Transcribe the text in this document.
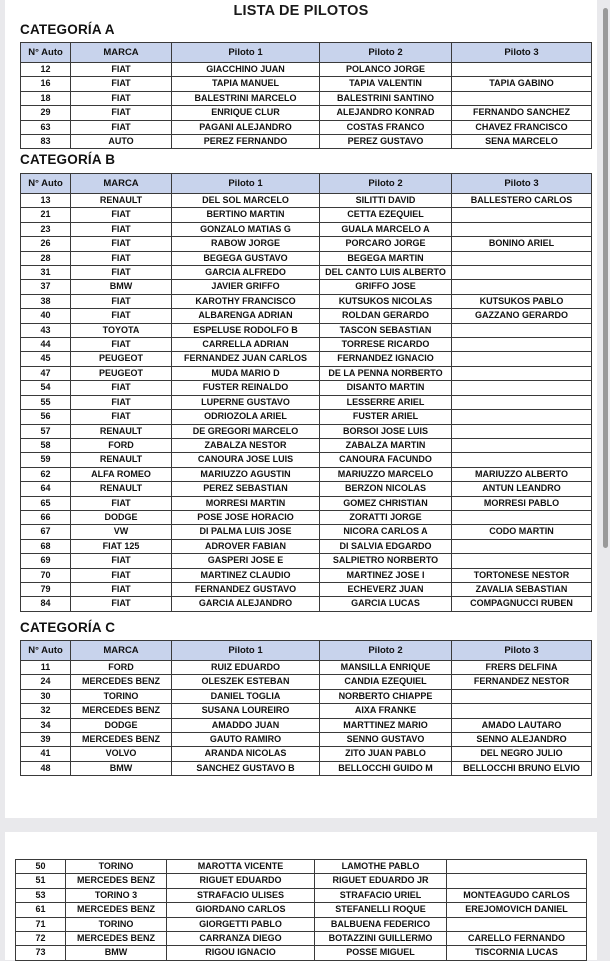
LISTA DE PILOTOS
CATEGORÍA A
N° Auto	MARCA	Piloto 1	Piloto 2	Piloto 3
12	FIAT	GIACCHINO JUAN	POLANCO JORGE	
16	FIAT	TAPIA MANUEL	TAPIA VALENTIN	TAPIA GABINO
18	FIAT	BALESTRINI MARCELO	BALESTRINI SANTINO	
29	FIAT	ENRIQUE CLUR	ALEJANDRO KONRAD	FERNANDO SANCHEZ
63	FIAT	PAGANI ALEJANDRO	COSTAS FRANCO	CHAVEZ FRANCISCO
83	AUTO	PEREZ FERNANDO	PEREZ GUSTAVO	SENA MARCELO
CATEGORÍA B
N° Auto	MARCA	Piloto 1	Piloto 2	Piloto 3
13	RENAULT	DEL SOL MARCELO	SILITTI DAVID	BALLESTERO CARLOS
21	FIAT	BERTINO MARTIN	CETTA EZEQUIEL	
23	FIAT	GONZALO MATIAS G	GUALA MARCELO A	
26	FIAT	RABOW JORGE	PORCARO JORGE	BONINO ARIEL
28	FIAT	BEGEGA GUSTAVO	BEGEGA MARTIN	
31	FIAT	GARCIA ALFREDO	DEL CANTO LUIS ALBERTO	
37	BMW	JAVIER GRIFFO	GRIFFO JOSE	
38	FIAT	KAROTHY FRANCISCO	KUTSUKOS NICOLAS	KUTSUKOS PABLO
40	FIAT	ALBARENGA ADRIAN	ROLDAN GERARDO	GAZZANO GERARDO
43	TOYOTA	ESPELUSE RODOLFO B	TASCON SEBASTIAN	
44	FIAT	CARRELLA ADRIAN	TORRESE RICARDO	
45	PEUGEOT	FERNANDEZ JUAN CARLOS	FERNANDEZ IGNACIO	
47	PEUGEOT	MUDA MARIO D	DE LA PENNA NORBERTO	
54	FIAT	FUSTER REINALDO	DISANTO MARTIN	
55	FIAT	LUPERNE GUSTAVO	LESSERRE ARIEL	
56	FIAT	ODRIOZOLA ARIEL	FUSTER ARIEL	
57	RENAULT	DE GREGORI MARCELO	BORSOI JOSE LUIS	
58	FORD	ZABALZA NESTOR	ZABALZA MARTIN	
59	RENAULT	CANOURA JOSE LUIS	CANOURA FACUNDO	
62	ALFA ROMEO	MARIUZZO AGUSTIN	MARIUZZO MARCELO	MARIUZZO ALBERTO
64	RENAULT	PEREZ SEBASTIAN	BERZON NICOLAS	ANTUN LEANDRO
65	FIAT	MORRESI MARTIN	GOMEZ CHRISTIAN	MORRESI PABLO
66	DODGE	POSE JOSE HORACIO	ZORATTI JORGE	
67	VW	DI PALMA LUIS JOSE	NICORA CARLOS A	CODO MARTIN
68	FIAT 125	ADROVER FABIAN	DI SALVIA EDGARDO	
69	FIAT	GASPERI JOSE E	SALPIETRO NORBERTO	
70	FIAT	MARTINEZ CLAUDIO	MARTINEZ JOSE I	TORTONESE NESTOR
79	FIAT	FERNANDEZ GUSTAVO	ECHEVERZ JUAN	ZAVALIA SEBASTIAN
84	FIAT	GARCIA ALEJANDRO	GARCIA LUCAS	COMPAGNUCCI RUBEN
CATEGORÍA C
N° Auto	MARCA	Piloto 1	Piloto 2	Piloto 3
11	FORD	RUIZ EDUARDO	MANSILLA ENRIQUE	FRERS DELFINA
24	MERCEDES BENZ	OLESZEK ESTEBAN	CANDIA EZEQUIEL	FERNANDEZ NESTOR
30	TORINO	DANIEL TOGLIA	NORBERTO CHIAPPE	
32	MERCEDES BENZ	SUSANA LOUREIRO	AIXA FRANKE	
34	DODGE	AMADDO JUAN	MARTTINEZ MARIO	AMADO LAUTARO
39	MERCEDES BENZ	GAUTO RAMIRO	SENNO GUSTAVO	SENNO ALEJANDRO
41	VOLVO	ARANDA NICOLAS	ZITO JUAN PABLO	DEL NEGRO JULIO
48	BMW	SANCHEZ GUSTAVO B	BELLOCCHI GUIDO M	BELLOCCHI BRUNO ELVIO
50	TORINO	MAROTTA VICENTE	LAMOTHE PABLO	
51	MERCEDES BENZ	RIGUET EDUARDO	RIGUET EDUARDO JR	
53	TORINO 3	STRAFACIO ULISES	STRAFACIO URIEL	MONTEAGUDO CARLOS
61	MERCEDES BENZ	GIORDANO CARLOS	STEFANELLI ROQUE	EREJOMOVICH DANIEL
71	TORINO	GIORGETTI PABLO	BALBUENA FEDERICO	
72	MERCEDES BENZ	CARRANZA DIEGO	BOTAZZINI GUILLERMO	CARELLO FERNANDO
73	BMW	RIGOU IGNACIO	POSSE MIGUEL	TISCORNIA LUCAS
